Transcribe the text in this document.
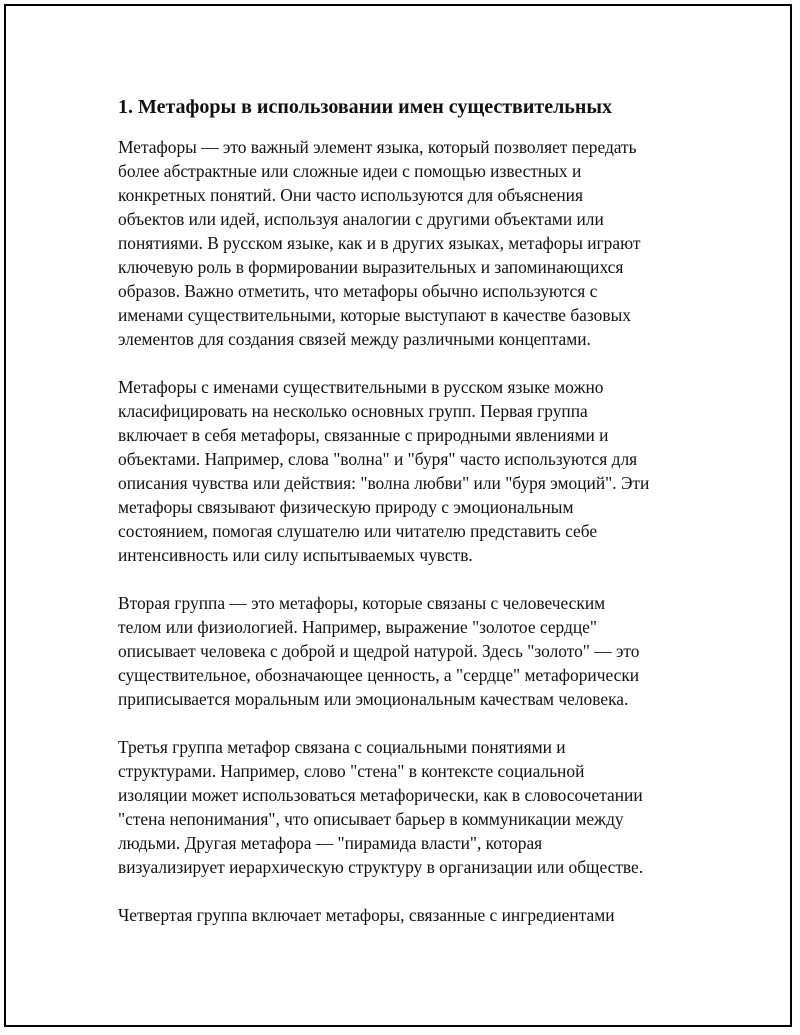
1. Метафоры в использовании имен существительных

Метафоры — это важный элемент языка, который позволяет передать
более абстрактные или сложные идеи с помощью известных и
конкретных понятий. Они часто используются для объяснения
объектов или идей, используя аналогии с другими объектами или
понятиями. В русском языке, как и в других языках, метафоры играют
ключевую роль в формировании выразительных и запоминающихся
образов. Важно отметить, что метафоры обычно используются с
именами существительными, которые выступают в качестве базовых
элементов для создания связей между различными концептами.

Метафоры с именами существительными в русском языке можно
класифицировать на несколько основных групп. Первая группа
включает в себя метафоры, связанные с природными явлениями и
объектами. Например, слова "волна" и "буря" часто используются для
описания чувства или действия: "волна любви" или "буря эмоций". Эти
метафоры связывают физическую природу с эмоциональным
состоянием, помогая слушателю или читателю представить себе
интенсивность или силу испытываемых чувств.

Вторая группа — это метафоры, которые связаны с человеческим
телом или физиологией. Например, выражение "золотое сердце"
описывает человека с доброй и щедрой натурой. Здесь "золото" — это
существительное, обозначающее ценность, а "сердце" метафорически
приписывается моральным или эмоциональным качествам человека.

Третья группа метафор связана с социальными понятиями и
структурами. Например, слово "стена" в контексте социальной
изоляции может использоваться метафорически, как в словосочетании
"стена непонимания", что описывает барьер в коммуникации между
людьми. Другая метафора — "пирамида власти", которая
визуализирует иерархическую структуру в организации или обществе.

Четвертая группа включает метафоры, связанные с ингредиентами
